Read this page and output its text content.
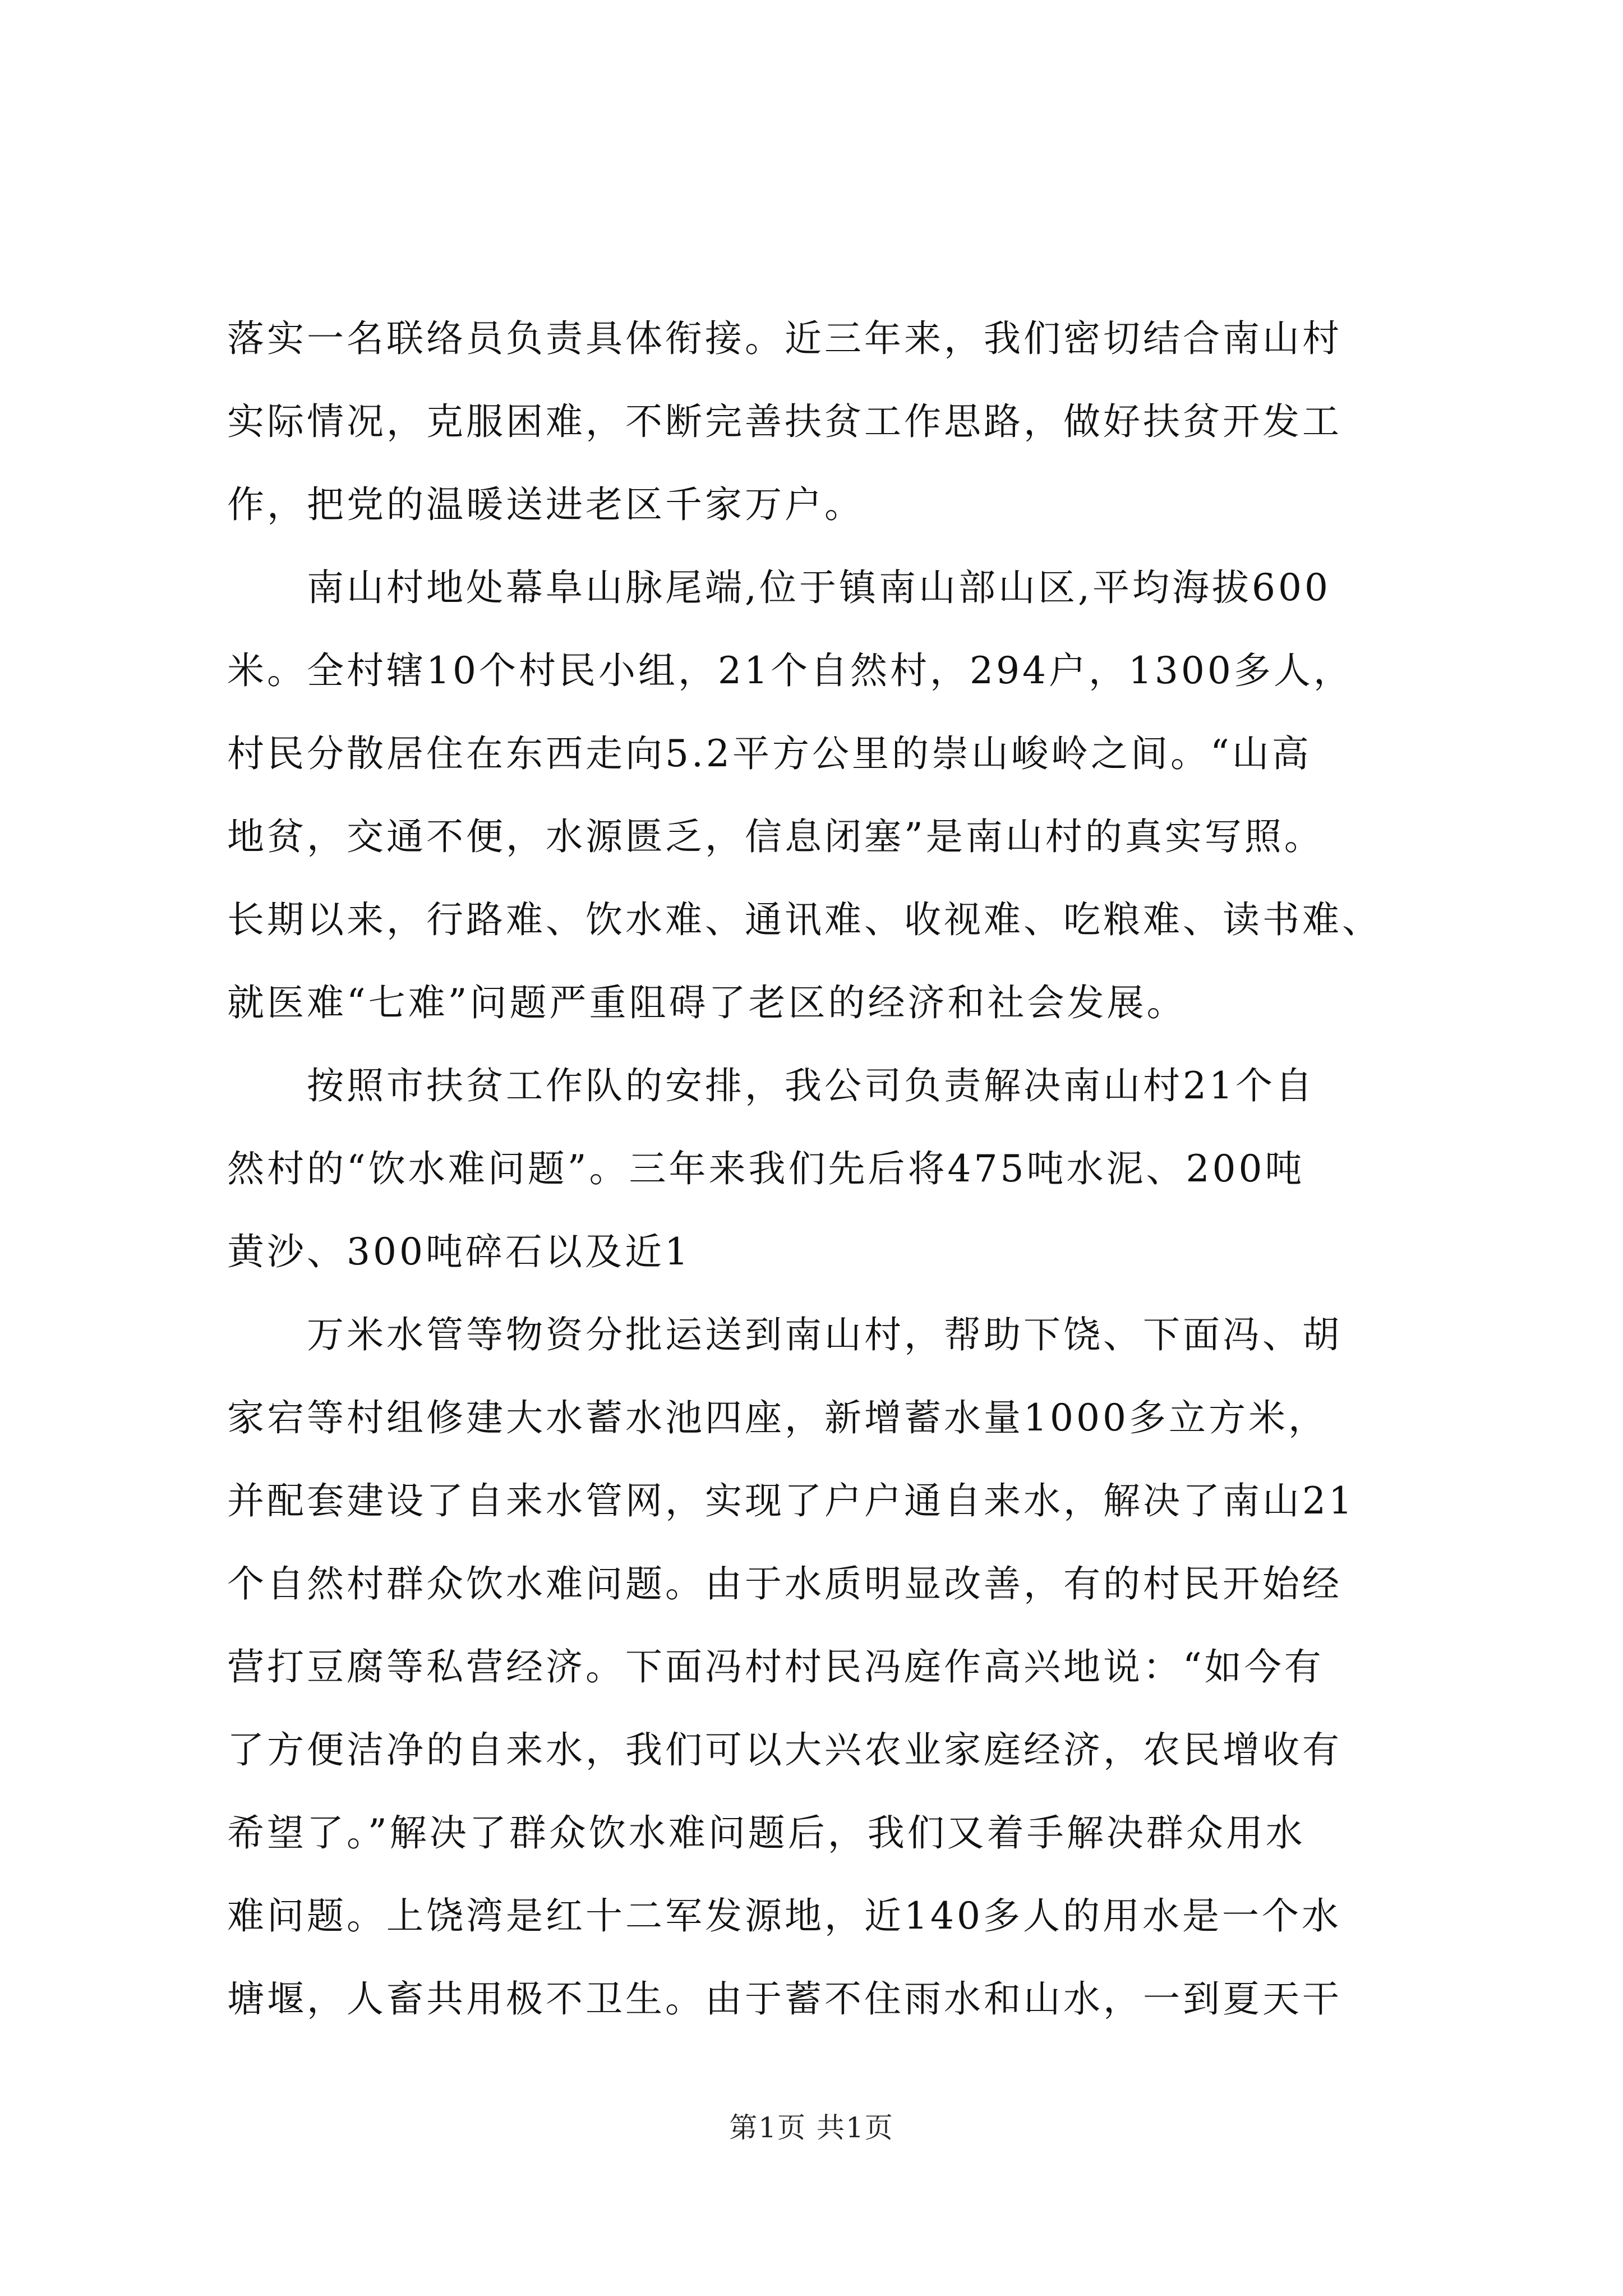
落实一名联络员负责具体衔接。近三年来，我们密切结合南山村
实际情况，克服困难，不断完善扶贫工作思路，做好扶贫开发工
作，把党的温暖送进老区千家万户。
南山村地处幕阜山脉尾端,位于镇南山部山区,平均海拔600
米。全村辖10个村民小组，21个自然村，294户，1300多人，
村民分散居住在东西走向5.2平方公里的崇山峻岭之间。“山高
地贫，交通不便，水源匮乏，信息闭塞”是南山村的真实写照。
长期以来，行路难、饮水难、通讯难、收视难、吃粮难、读书难、
就医难“七难”问题严重阻碍了老区的经济和社会发展。
按照市扶贫工作队的安排，我公司负责解决南山村21个自
然村的“饮水难问题”。三年来我们先后将475吨水泥、200吨
黄沙、300吨碎石以及近1
万米水管等物资分批运送到南山村，帮助下饶、下面冯、胡
家宕等村组修建大水蓄水池四座，新增蓄水量1000多立方米，
并配套建设了自来水管网，实现了户户通自来水，解决了南山21
个自然村群众饮水难问题。由于水质明显改善，有的村民开始经
营打豆腐等私营经济。下面冯村村民冯庭作高兴地说：“如今有
了方便洁净的自来水，我们可以大兴农业家庭经济，农民增收有
希望了。”解决了群众饮水难问题后，我们又着手解决群众用水
难问题。上饶湾是红十二军发源地，近140多人的用水是一个水
塘堰，人畜共用极不卫生。由于蓄不住雨水和山水，一到夏天干
第1页 共1页
